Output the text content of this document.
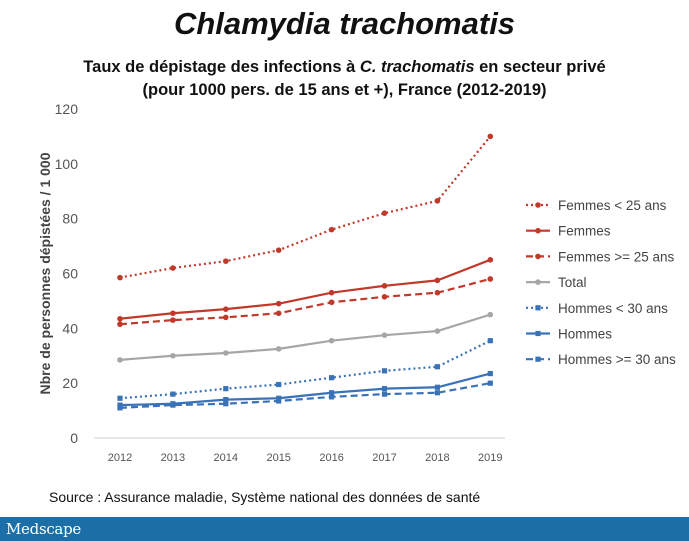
Chlamydia trachomatis
Taux de dépistage des infections à C. trachomatis en secteur privé
(pour 1000 pers. de 15 ans et +), France (2012-2019)
Nbre de personnes dépistées / 1 000
0
20
40
60
80
100
120
2012	2013	2014	2015	2016	2017	2018	2019
Femmes < 25 ans
Femmes
Femmes >= 25 ans
Total
Hommes < 30 ans
Hommes
Hommes >= 30 ans
Source : Assurance maladie, Système national des données de santé
Medscape
